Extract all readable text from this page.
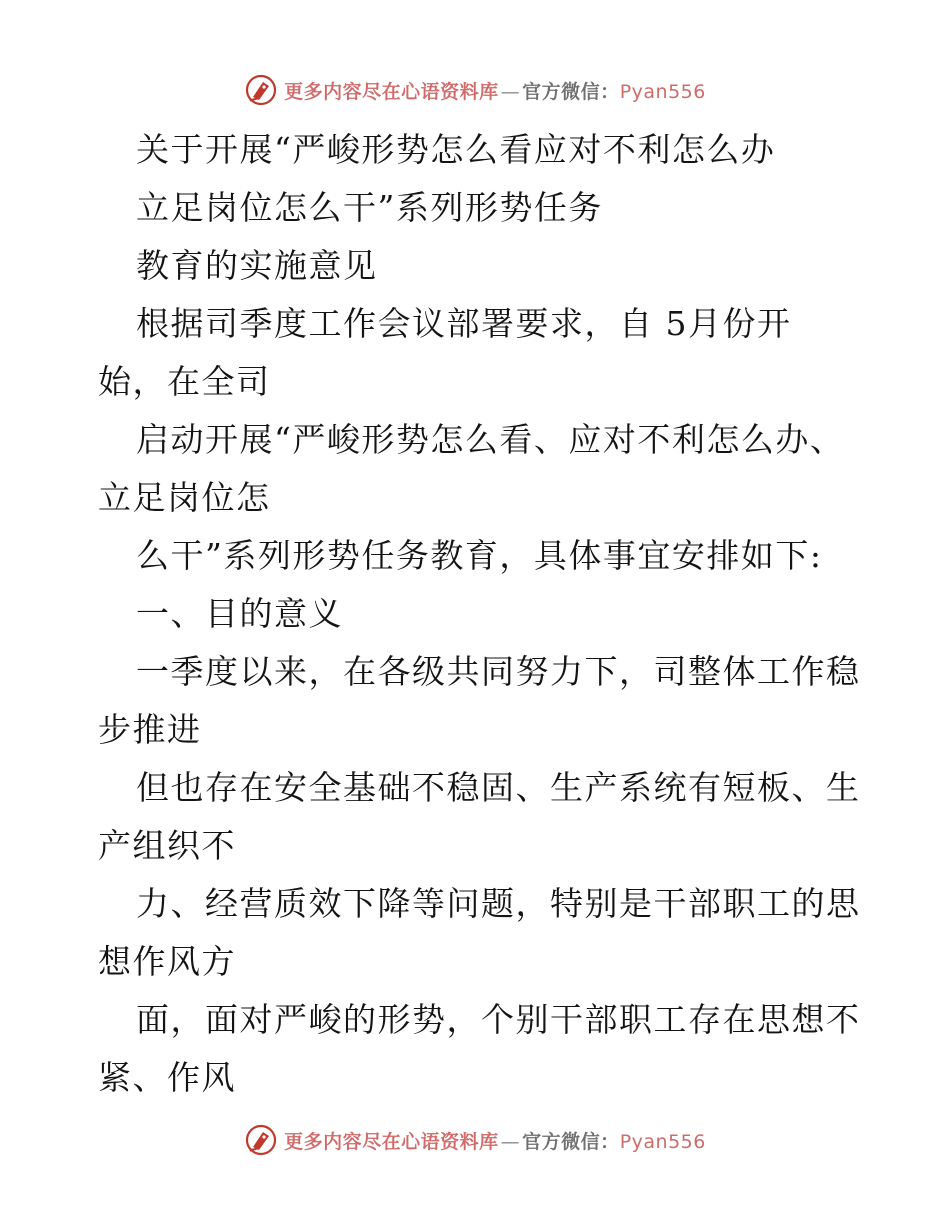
更多内容尽在心语资料库 — 官方微信：Pyan556
关于开展“严峻形势怎么看应对不利怎么办
立足岗位怎么干”系列形势任务
教育的实施意见
根据司季度工作会议部署要求，自 5月份开
始，在全司
启动开展“严峻形势怎么看、应对不利怎么办、
立足岗位怎
么干”系列形势任务教育，具体事宜安排如下:
一、目的意义
一季度以来，在各级共同努力下，司整体工作稳
步推进
但也存在安全基础不稳固、生产系统有短板、生
产组织不
力、经营质效下降等问题，特别是干部职工的思
想作风方
面，面对严峻的形势，个别干部职工存在思想不
紧、作风
更多内容尽在心语资料库 — 官方微信：Pyan556
